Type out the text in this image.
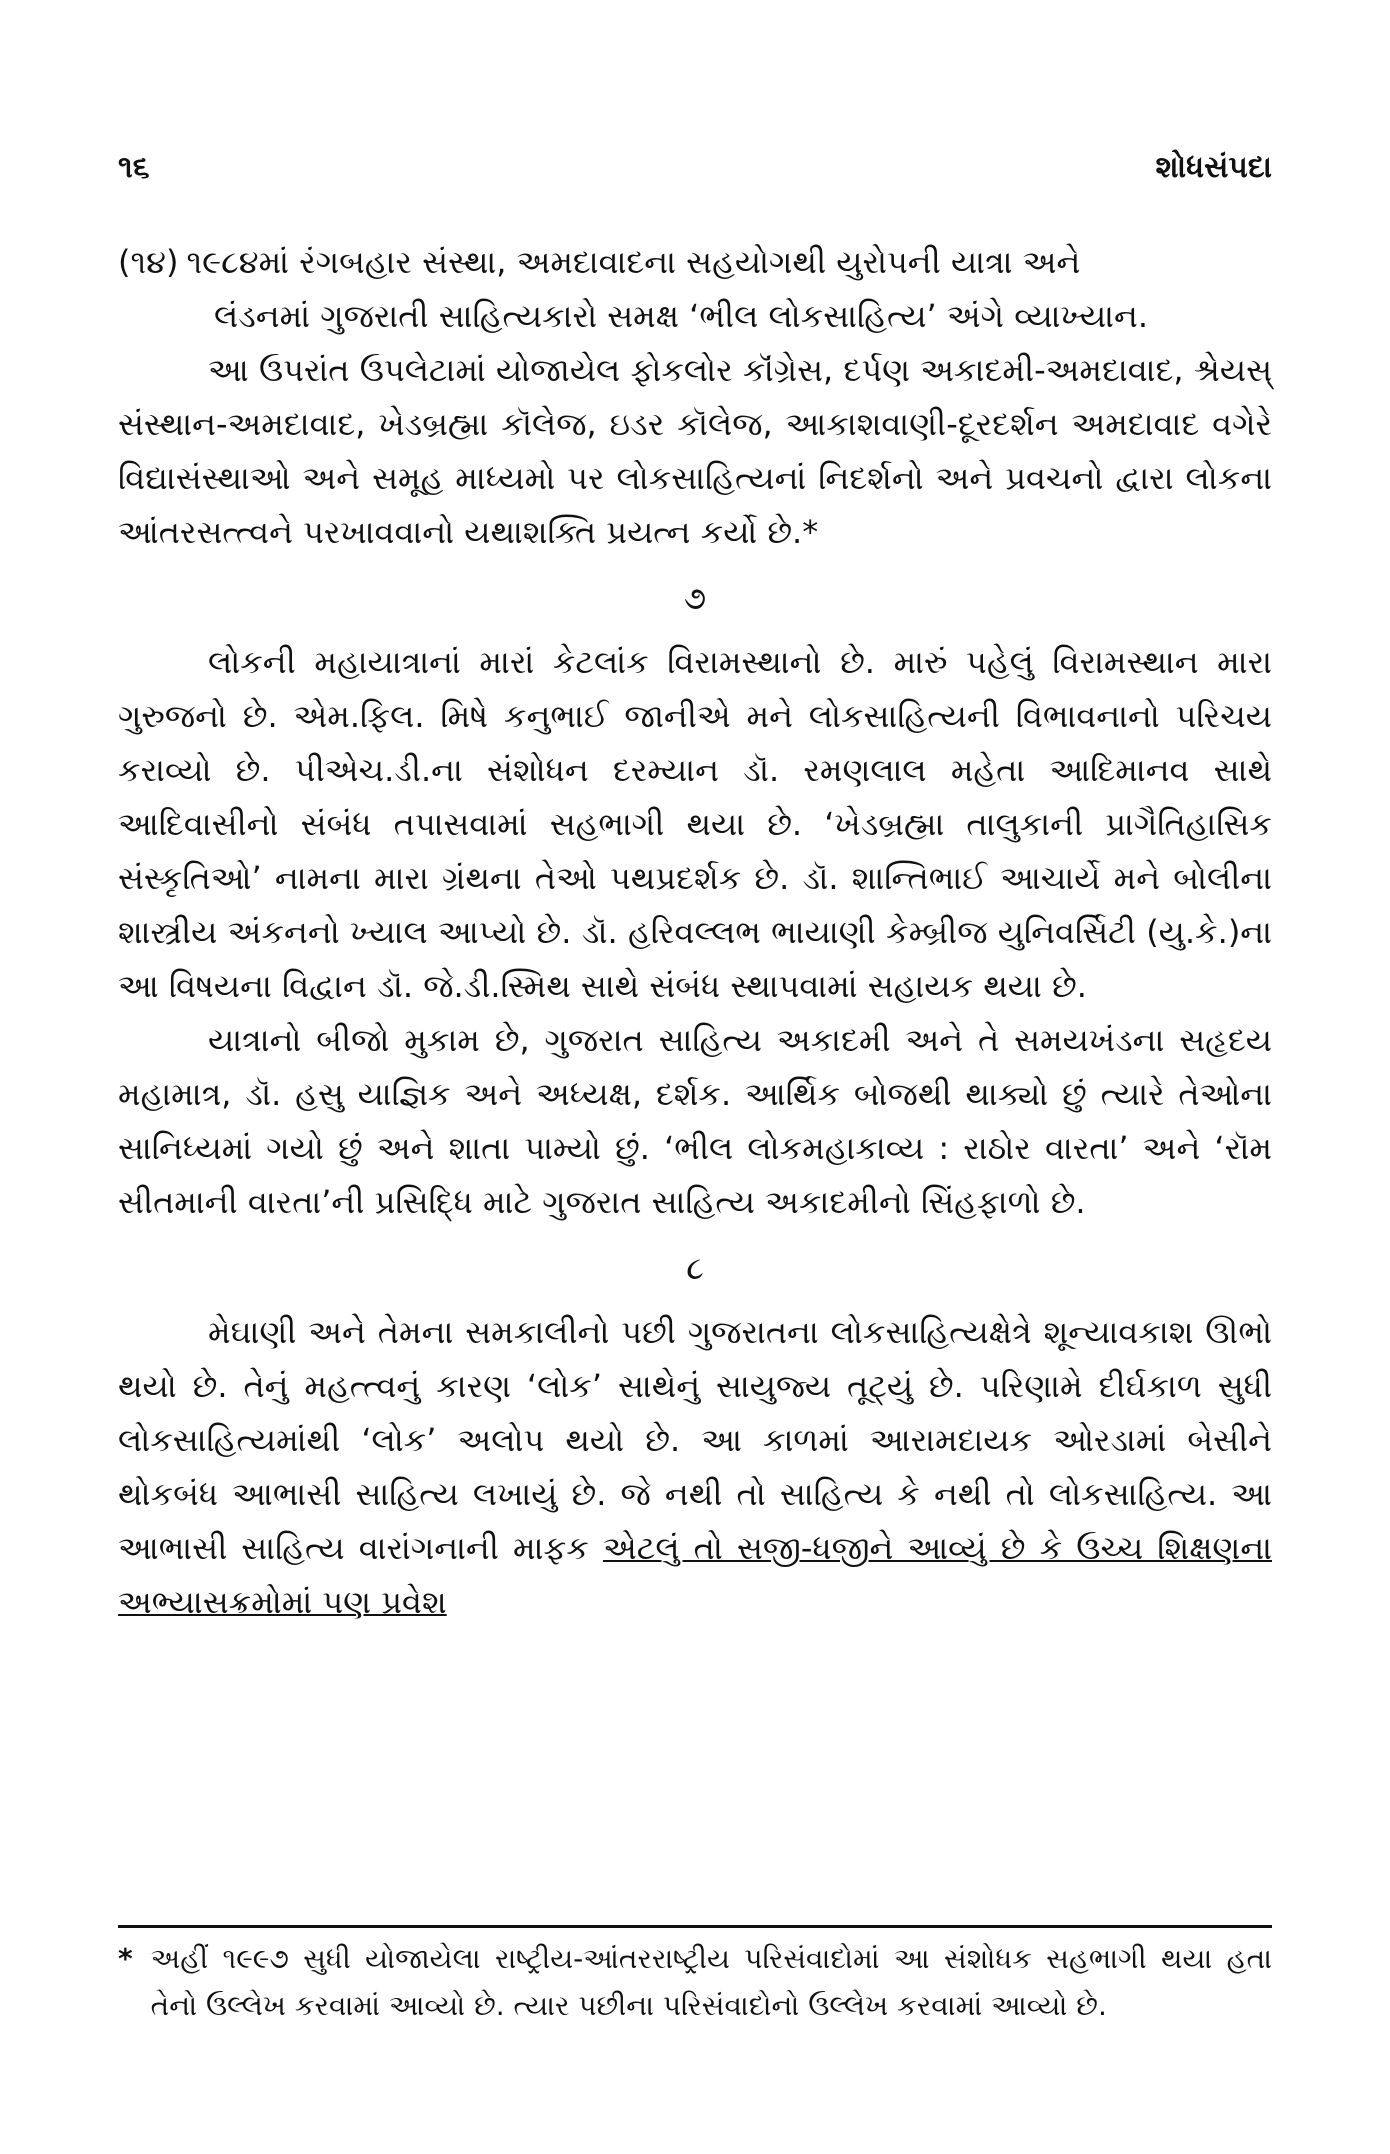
૧૬	શોધસંપદા
(૧૪) ૧૯૮૪માં રંગબહાર સંસ્થા, અમદાવાદના સહયોગથી યુરોપની યાત્રા અને
લંડનમાં ગુજરાતી સાહિત્યકારો સમક્ષ ‘ભીલ લોકસાહિત્ય’ અંગે વ્યાખ્યાન.

આ ઉપરાંત ઉપલેટામાં યોજાયેલ ફોકલોર કૉંગ્રેસ, દર્પણ અકાદમી-અમદાવાદ, શ્રેયસ્ સંસ્થાન-અમદાવાદ, ખેડબ્રહ્મા કૉલેજ, ઇડર કૉલેજ, આકાશવાણી-દૂરદર્શન અમદાવાદ વગેરે વિદ્યાસંસ્થાઓ અને સમૂહ માધ્યમો પર લોકસાહિત્યનાં નિદર્શનો અને પ્રવચનો દ્વારા લોકના આંતરસત્ત્વને પરખાવવાનો યથાશક્તિ પ્રયત્ન કર્યો છે.*

૭

લોકની મહાયાત્રાનાં મારાં કેટલાંક વિરામસ્થાનો છે. મારું પહેલું વિરામસ્થાન મારા ગુરુજનો છે. એમ.ફિલ. મિષે કનુભાઈ જાનીએ મને લોકસાહિત્યની વિભાવનાનો પરિચય કરાવ્યો છે. પીએચ.ડી.ના સંશોધન દરમ્યાન ડૉ. રમણલાલ મહેતા આદિમાનવ સાથે આદિવાસીનો સંબંધ તપાસવામાં સહભાગી થયા છે. ‘ખેડબ્રહ્મા તાલુકાની પ્રાગૈતિહાસિક સંસ્કૃતિઓ’ નામના મારા ગ્રંથના તેઓ પથપ્રદર્શક છે. ડૉ. શાન્તિભાઈ આચાર્યે મને બોલીના શાસ્ત્રીય અંકનનો ખ્યાલ આપ્યો છે. ડૉ. હરિવલ્લભ ભાયાણી કેમ્બ્રીજ યુનિવર્સિટી (યુ.કે.)ના આ વિષયના વિદ્વાન ડૉ. જે.ડી.સ્મિથ સાથે સંબંધ સ્થાપવામાં સહાયક થયા છે.

યાત્રાનો બીજો મુકામ છે, ગુજરાત સાહિત્ય અકાદમી અને તે સમયખંડના સહૃદય મહામાત્ર, ડૉ. હસુ યાજ્ઞિક અને અધ્યક્ષ, દર્શક. આર્થિક બોજથી થાક્યો છું ત્યારે તેઓના સાનિધ્યમાં ગયો છું અને શાતા પામ્યો છું. ‘ભીલ લોકમહાકાવ્ય : રાઠોર વારતા’ અને ‘રૉમ સીતમાની વારતા’ની પ્રસિદ્ધિ માટે ગુજરાત સાહિત્ય અકાદમીનો સિંહફાળો છે.

૮

મેઘાણી અને તેમના સમકાલીનો પછી ગુજરાતના લોકસાહિત્યક્ષેત્રે શૂન્યાવકાશ ઊભો થયો છે. તેનું મહત્ત્વનું કારણ ‘લોક’ સાથેનું સાયુજ્ય તૂટ્યું છે. પરિણામે દીર્ઘકાળ સુધી લોકસાહિત્યમાંથી ‘લોક’ અલોપ થયો છે. આ કાળમાં આરામદાયક ઓરડામાં બેસીને થોકબંધ આભાસી સાહિત્ય લખાયું છે. જે નથી તો સાહિત્ય કે નથી તો લોકસાહિત્ય. આ આભાસી સાહિત્ય વારાંગનાની માફક એટલું તો સજી-ધજીને આવ્યું છે કે ઉચ્ચ શિક્ષણના અભ્યાસક્રમોમાં પણ પ્રવેશ

* અહીં ૧૯૯૭ સુધી યોજાયેલા રાષ્ટ્રીય-આંતરરાષ્ટ્રીય પરિસંવાદોમાં આ સંશોધક સહભાગી થયા હતા તેનો ઉલ્લેખ કરવામાં આવ્યો છે. ત્યાર પછીના પરિસંવાદોનો ઉલ્લેખ કરવામાં આવ્યો છે.
